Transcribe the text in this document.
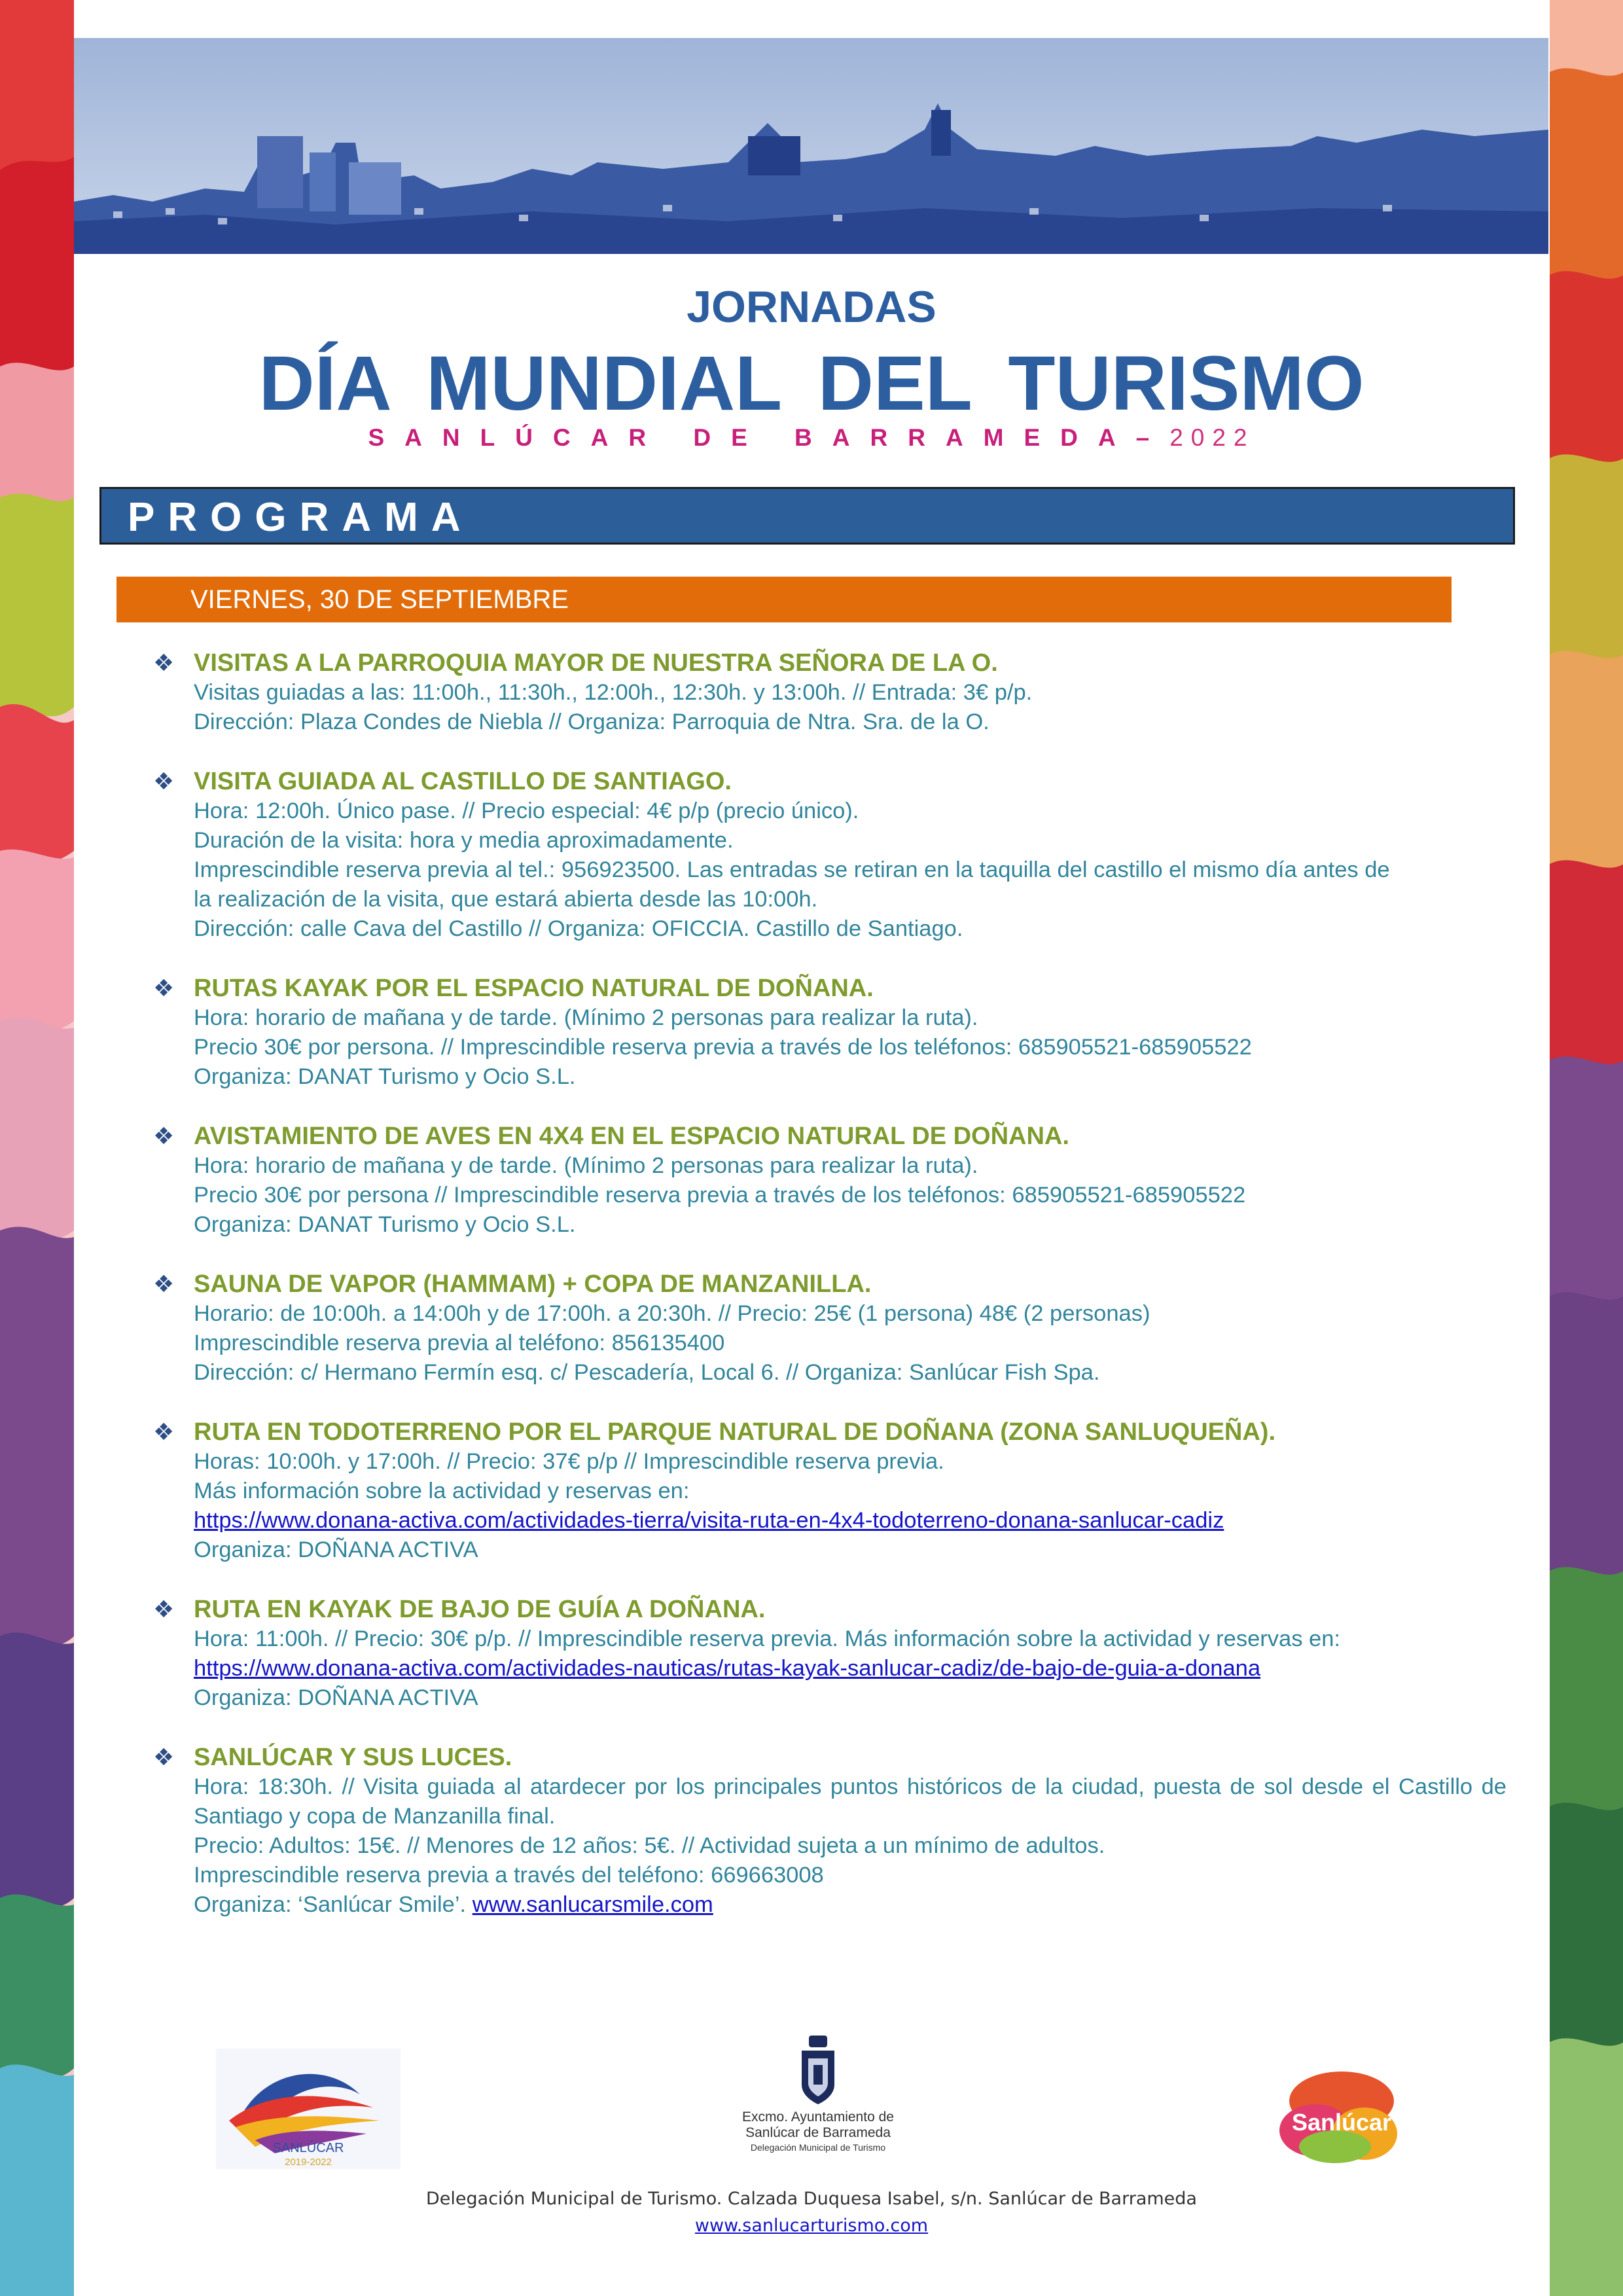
JORNADAS
DÍA MUNDIAL DEL TURISMO
SANLÚCAR DE BARRAMEDA–2022
PROGRAMA
VIERNES, 30 DE SEPTIEMBRE
❖ VISITAS A LA PARROQUIA MAYOR DE NUESTRA SEÑORA DE LA O.
Visitas guiadas a las: 11:00h., 11:30h., 12:00h., 12:30h. y 13:00h. // Entrada: 3€ p/p.
Dirección: Plaza Condes de Niebla // Organiza: Parroquia de Ntra. Sra. de la O.
❖ VISITA GUIADA AL CASTILLO DE SANTIAGO.
Hora: 12:00h. Único pase. // Precio especial: 4€ p/p (precio único).
Duración de la visita: hora y media aproximadamente.
Imprescindible reserva previa al tel.: 956923500. Las entradas se retiran en la taquilla del castillo el mismo día antes de
la realización de la visita, que estará abierta desde las 10:00h.
Dirección: calle Cava del Castillo // Organiza: OFICCIA. Castillo de Santiago.
❖ RUTAS KAYAK POR EL ESPACIO NATURAL DE DOÑANA.
Hora: horario de mañana y de tarde. (Mínimo 2 personas para realizar la ruta).
Precio 30€ por persona. // Imprescindible reserva previa a través de los teléfonos: 685905521-685905522
Organiza: DANAT Turismo y Ocio S.L.
❖ AVISTAMIENTO DE AVES EN 4X4 EN EL ESPACIO NATURAL DE DOÑANA.
Hora: horario de mañana y de tarde. (Mínimo 2 personas para realizar la ruta).
Precio 30€ por persona // Imprescindible reserva previa a través de los teléfonos: 685905521-685905522
Organiza: DANAT Turismo y Ocio S.L.
❖ SAUNA DE VAPOR (HAMMAM) + COPA DE MANZANILLA.
Horario: de 10:00h. a 14:00h y de 17:00h. a 20:30h. // Precio: 25€ (1 persona) 48€ (2 personas)
Imprescindible reserva previa al teléfono: 856135400
Dirección: c/ Hermano Fermín esq. c/ Pescadería, Local 6. // Organiza: Sanlúcar Fish Spa.
❖ RUTA EN TODOTERRENO POR EL PARQUE NATURAL DE DOÑANA (ZONA SANLUQUEÑA).
Horas: 10:00h. y 17:00h. // Precio: 37€ p/p // Imprescindible reserva previa.
Más información sobre la actividad y reservas en:
https://www.donana-activa.com/actividades-tierra/visita-ruta-en-4x4-todoterreno-donana-sanlucar-cadiz
Organiza: DOÑANA ACTIVA
❖ RUTA EN KAYAK DE BAJO DE GUÍA A DOÑANA.
Hora: 11:00h. // Precio: 30€ p/p. // Imprescindible reserva previa. Más información sobre la actividad y reservas en:
https://www.donana-activa.com/actividades-nauticas/rutas-kayak-sanlucar-cadiz/de-bajo-de-guia-a-donana
Organiza: DOÑANA ACTIVA
❖ SANLÚCAR Y SUS LUCES.
Hora: 18:30h. // Visita guiada al atardecer por los principales puntos históricos de la ciudad, puesta de sol desde el Castillo de Santiago y copa de Manzanilla final.
Precio: Adultos: 15€. // Menores de 12 años: 5€. // Actividad sujeta a un mínimo de adultos.
Imprescindible reserva previa a través del teléfono: 669663008
Organiza: ‘Sanlúcar Smile’. www.sanlucarsmile.com
SANLÚCAR
2019-2022
Excmo. Ayuntamiento de
Sanlúcar de Barrameda
Delegación Municipal de Turismo
Sanlúcar
Delegación Municipal de Turismo. Calzada Duquesa Isabel, s/n. Sanlúcar de Barrameda
www.sanlucarturismo.com
